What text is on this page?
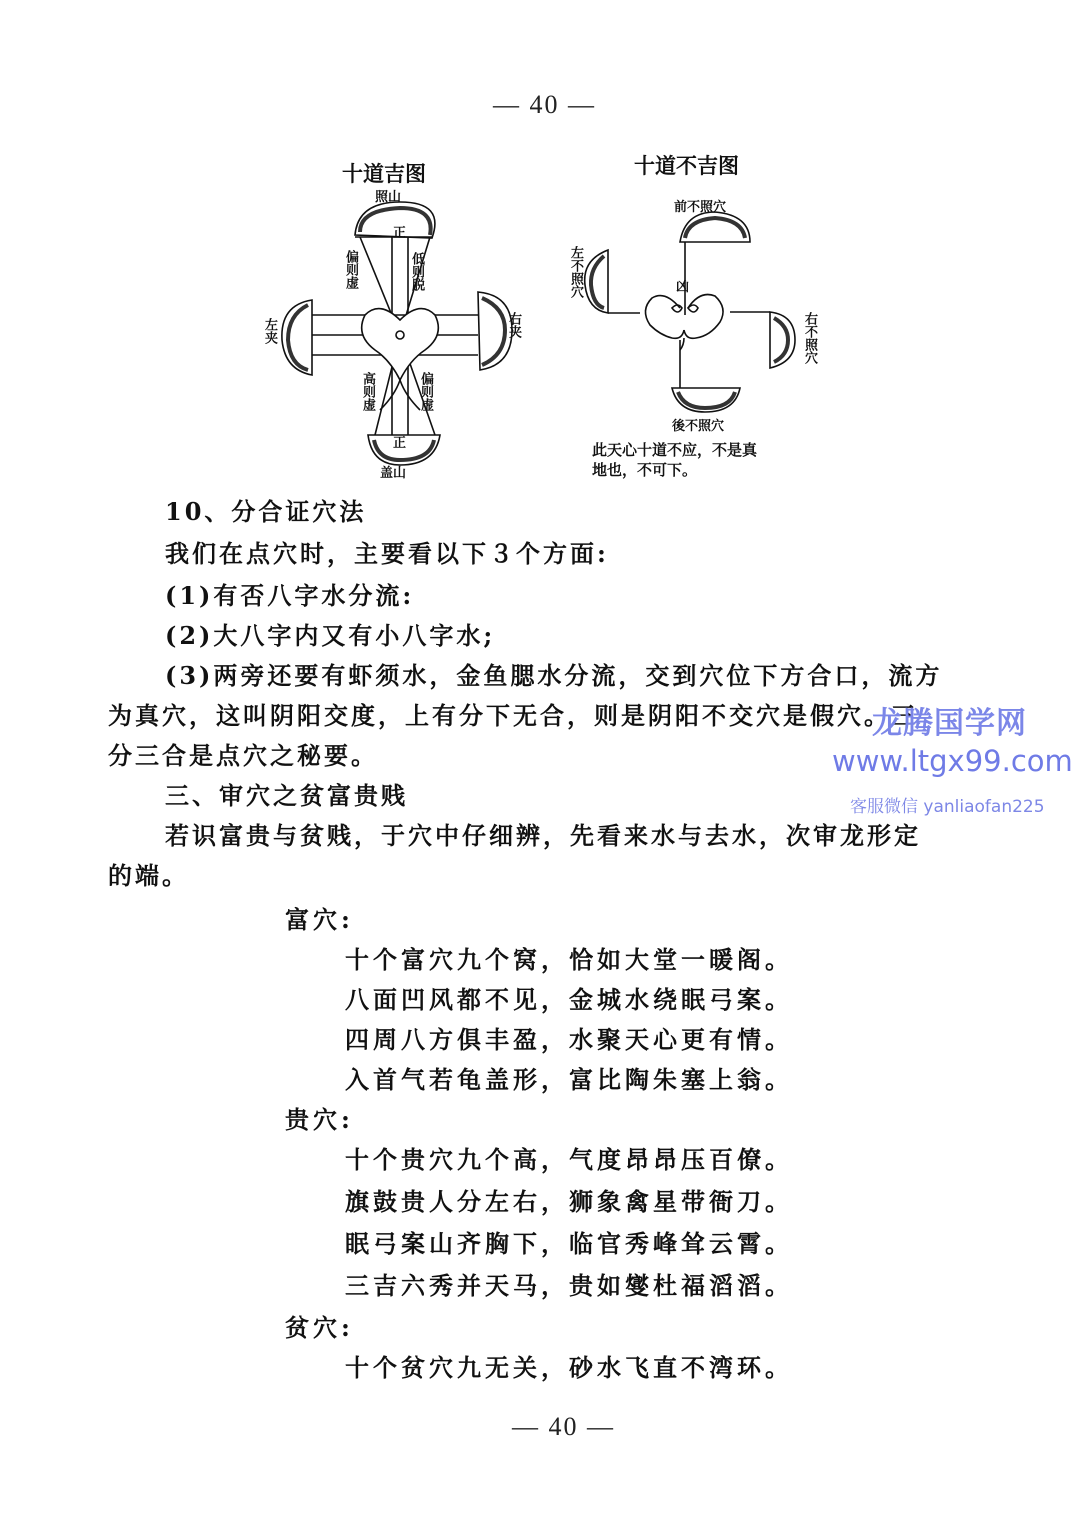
— 40 —
十道吉图
照山
正
偏则虚	低则脱
左夹	右夹
高则虚	偏则虚
正
盖山
十道不吉图
前不照穴
凶
左不照穴
右不照穴
後不照穴
此天心十道不应，不是真
地也，不可下。
10、分合证穴法
我们在点穴时，主要看以下３个方面:
(1)有否八字水分流:
(2)大八字内又有小八字水;
(3)两旁还要有虾须水，金鱼腮水分流，交到穴位下方合口，流方
为真穴，这叫阴阳交度，上有分下无合，则是阴阳不交穴是假穴。三
分三合是点穴之秘要。
三、审穴之贫富贵贱
若识富贵与贫贱，于穴中仔细辨，先看来水与去水，次审龙形定
的端。
富穴:
十个富穴九个窝，恰如大堂一暖阁。
八面凹风都不见，金城水绕眠弓案。
四周八方俱丰盈，水聚天心更有情。
入首气若龟盖形，富比陶朱塞上翁。
贵穴:
十个贵穴九个高，气度昂昂压百僚。
旗鼓贵人分左右，狮象禽星带衙刀。
眠弓案山齐胸下，临官秀峰耸云霄。
三吉六秀并天马，贵如燮杜福滔滔。
贫穴:
十个贫穴九无关，砂水飞直不湾环。
— 40 —
龙腾国学网
www.ltgx99.com
客服微信 yanliaofan225
